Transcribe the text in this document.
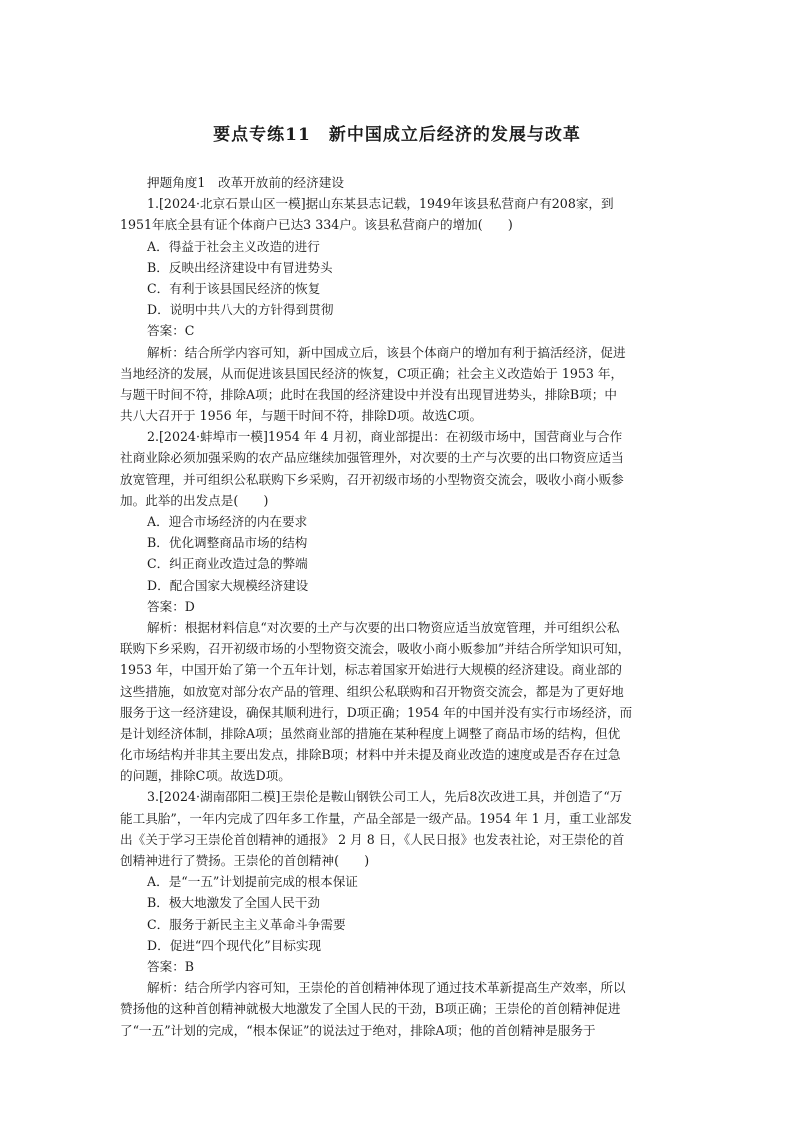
要点专练11　新中国成立后经济的发展与改革
押题角度1　改革开放前的经济建设
1.[2024·北京石景山区一模]据山东某县志记载，1949年该县私营商户有208家，到
1951年底全县有证个体商户已达3 334户。该县私营商户的增加(　　)
A．得益于社会主义改造的进行
B．反映出经济建设中有冒进势头
C．有利于该县国民经济的恢复
D．说明中共八大的方针得到贯彻
答案：C
解析：结合所学内容可知，新中国成立后，该县个体商户的增加有利于搞活经济，促进
当地经济的发展，从而促进该县国民经济的恢复，C项正确；社会主义改造始于 1953 年，
与题干时间不符，排除A项；此时在我国的经济建设中并没有出现冒进势头，排除B项；中
共八大召开于 1956 年，与题干时间不符，排除D项。故选C项。
2.[2024·蚌埠市一模]1954 年 4 月初，商业部提出：在初级市场中，国营商业与合作
社商业除必须加强采购的农产品应继续加强管理外，对次要的土产与次要的出口物资应适当
放宽管理，并可组织公私联购下乡采购，召开初级市场的小型物资交流会，吸收小商小贩参
加。此举的出发点是(　　)
A．迎合市场经济的内在要求
B．优化调整商品市场的结构
C．纠正商业改造过急的弊端
D．配合国家大规模经济建设
答案：D
解析：根据材料信息“对次要的土产与次要的出口物资应适当放宽管理，并可组织公私
联购下乡采购，召开初级市场的小型物资交流会，吸收小商小贩参加”并结合所学知识可知，
1953 年，中国开始了第一个五年计划，标志着国家开始进行大规模的经济建设。商业部的
这些措施，如放宽对部分农产品的管理、组织公私联购和召开物资交流会，都是为了更好地
服务于这一经济建设，确保其顺利进行，D项正确；1954 年的中国并没有实行市场经济，而
是计划经济体制，排除A项；虽然商业部的措施在某种程度上调整了商品市场的结构，但优
化市场结构并非其主要出发点，排除B项；材料中并未提及商业改造的速度或是否存在过急
的问题，排除C项。故选D项。
3.[2024·湖南邵阳二模]王崇伦是鞍山钢铁公司工人，先后8次改进工具，并创造了“万
能工具胎”，一年内完成了四年多工作量，产品全部是一级产品。1954 年 1 月，重工业部发
出《关于学习王崇伦首创精神的通报》 2 月 8 日，《人民日报》也发表社论，对王崇伦的首
创精神进行了赞扬。王崇伦的首创精神(　　)
A．是“一五”计划提前完成的根本保证
B．极大地激发了全国人民干劲
C．服务于新民主主义革命斗争需要
D．促进“四个现代化”目标实现
答案：B
解析：结合所学内容可知，王崇伦的首创精神体现了通过技术革新提高生产效率，所以
赞扬他的这种首创精神就极大地激发了全国人民的干劲，B项正确；王崇伦的首创精神促进
了“一五”计划的完成，“根本保证”的说法过于绝对，排除A项；他的首创精神是服务于
